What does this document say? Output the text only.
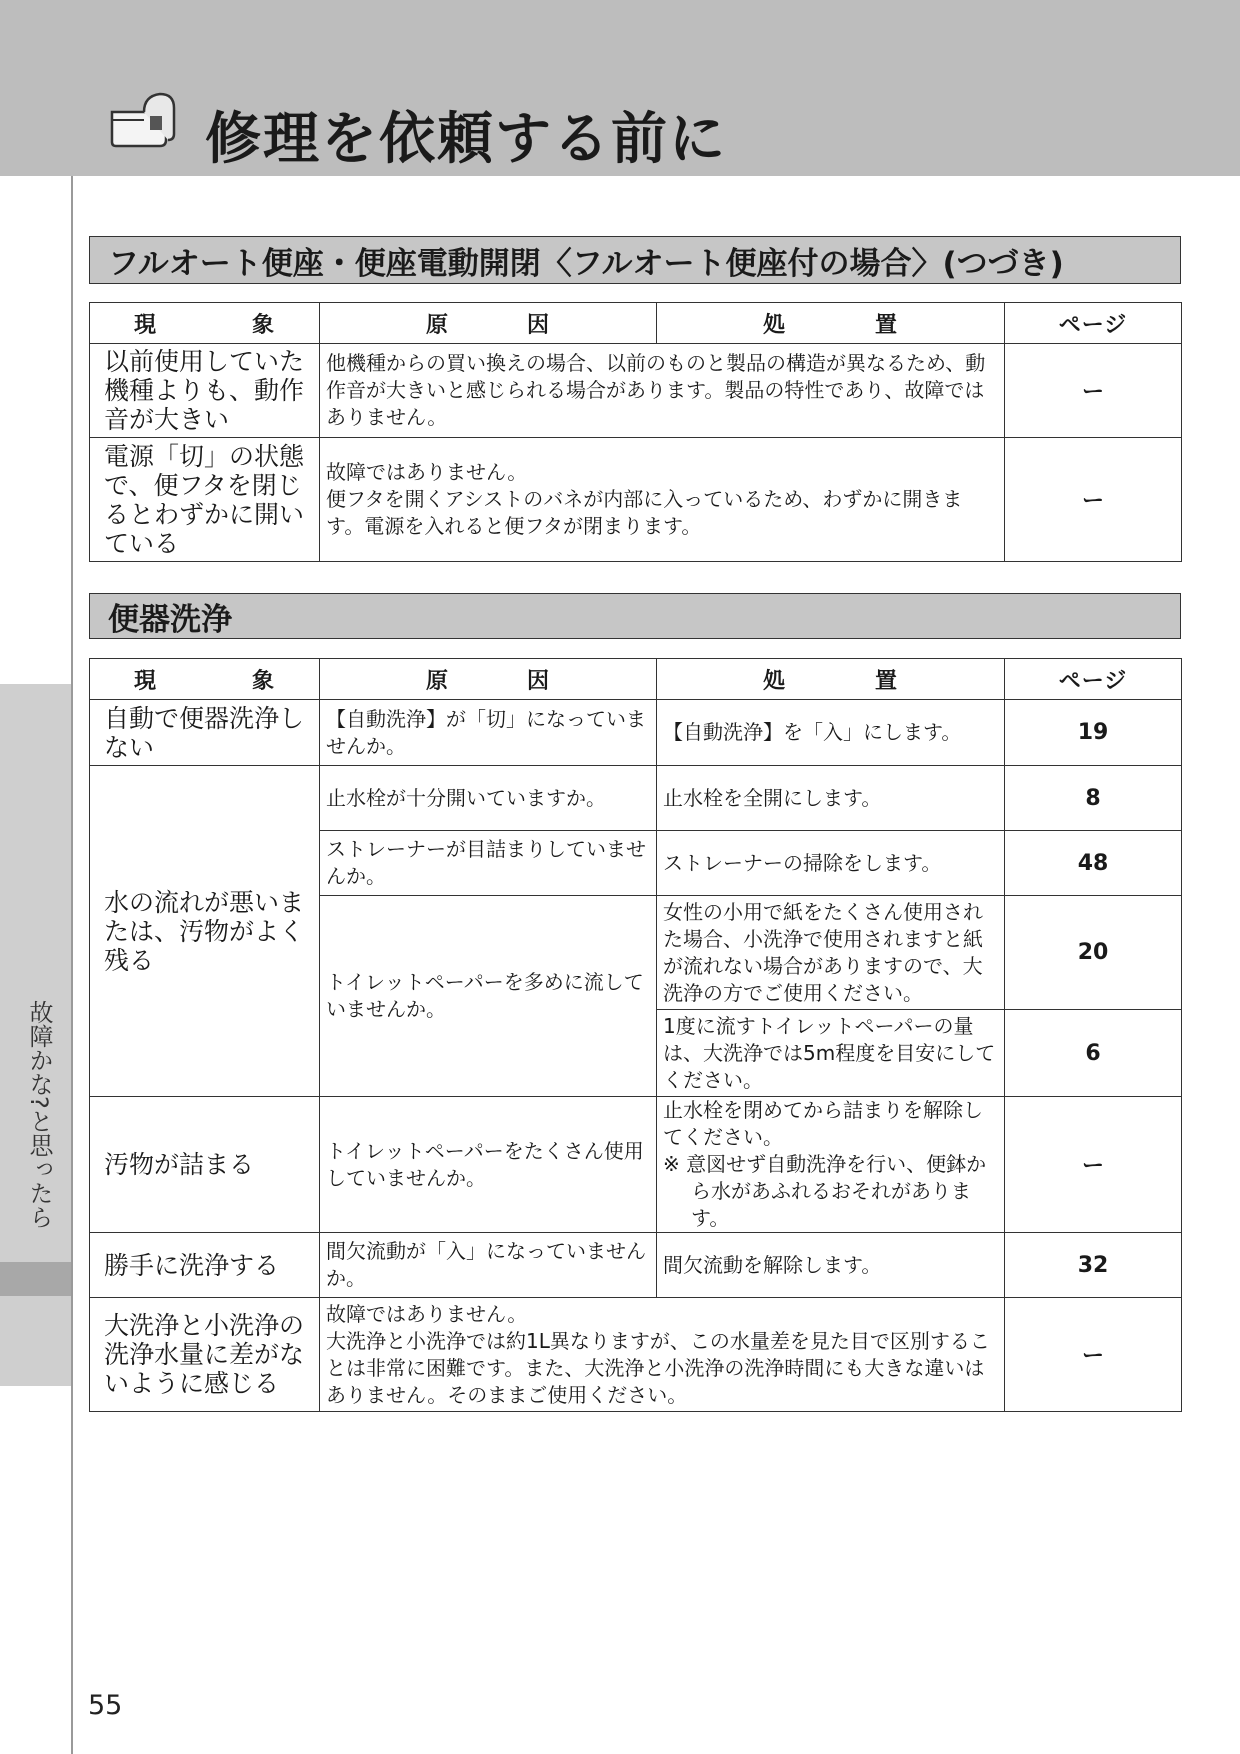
修理を依頼する前に
故障かな?と思ったら
フルオート便座・便座電動開閉〈フルオート便座付の場合〉(つづき)
現 象	原 因	処 置	ページ
以前使用していた機種よりも、動作音が大きい	他機種からの買い換えの場合、以前のものと製品の構造が異なるため、動作音が大きいと感じられる場合があります。製品の特性であり、故障ではありません。		ー
電源「切」の状態で、便フタを閉じるとわずかに開いている	故障ではありません。
便フタを開くアシストのバネが内部に入っているため、わずかに開きます。電源を入れると便フタが閉まります。		ー
便器洗浄
現 象	原 因	処 置	ページ
自動で便器洗浄しない	【自動洗浄】が「切」になっていませんか。	【自動洗浄】を「入」にします。	19
水の流れが悪いまたは、汚物がよく残る	止水栓が十分開いていますか。	止水栓を全開にします。	8
	ストレーナーが目詰まりしていませんか。	ストレーナーの掃除をします。	48
	トイレットペーパーを多めに流していませんか。	女性の小用で紙をたくさん使用された場合、小洗浄で使用されますと紙が流れない場合がありますので、大洗浄の方でご使用ください。	20
		1度に流すトイレットペーパーの量は、大洗浄では5m程度を目安にしてください。	6
汚物が詰まる	トイレットペーパーをたくさん使用していませんか。	止水栓を閉めてから詰まりを解除してください。
※ 意図せず自動洗浄を行い、便鉢から水があふれるおそれがあります。	ー
勝手に洗浄する	間欠流動が「入」になっていませんか。	間欠流動を解除します。	32
大洗浄と小洗浄の洗浄水量に差がないように感じる	故障ではありません。
大洗浄と小洗浄では約1L異なりますが、この水量差を見た目で区別することは非常に困難です。また、大洗浄と小洗浄の洗浄時間にも大きな違いはありません。そのままご使用ください。		ー
55
